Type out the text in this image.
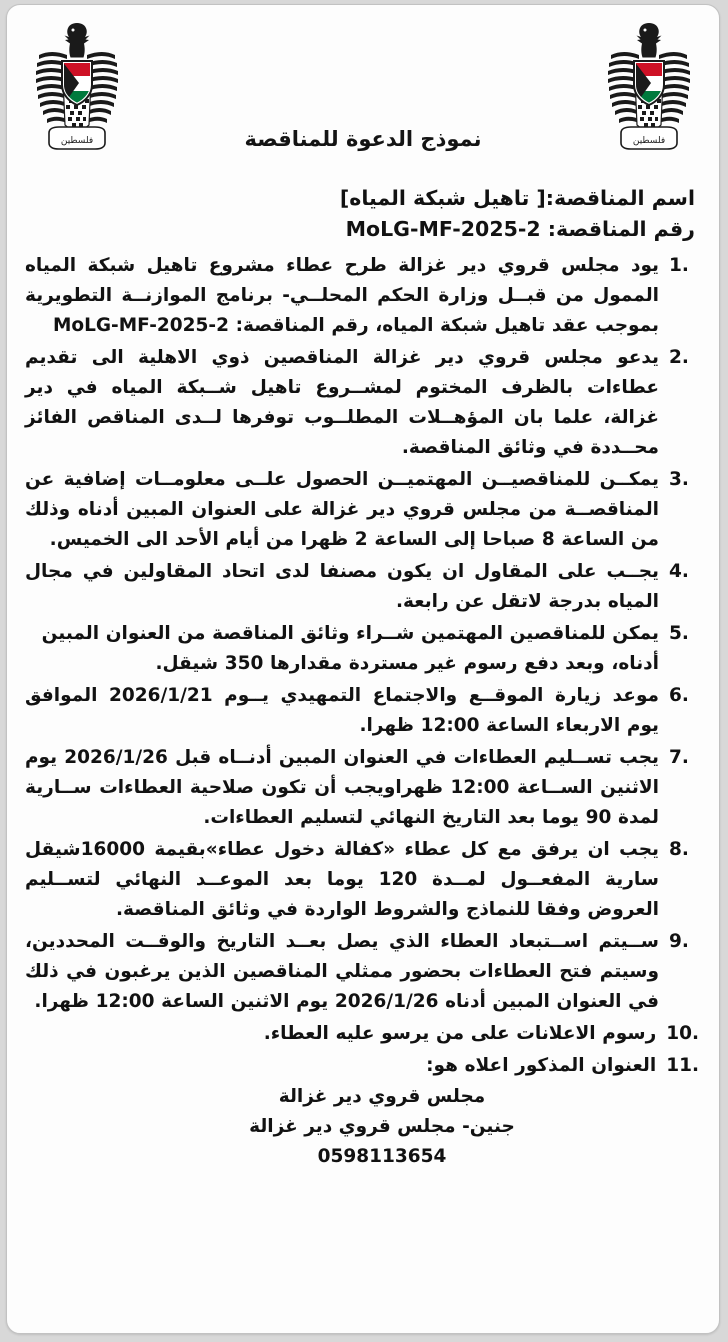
فلسطين	فلسطين
نموذج الدعوة للمناقصة
اسم المناقصة:[ تاهيل شبكة المياه]
رقم المناقصة: MoLG-MF-2025-2
1.
يود مجلس قروي دير غزالة طرح عطاء مشروع تاهيل شبكة المياه الممول من قبــل وزارة الحكم المحلــي- برنامج الموازنــة التطويرية بموجب عقد تاهيل شبكة المياه، رقم المناقصة: MoLG-MF-2025-2
2.
يدعو مجلس قروي دير غزالة المناقصين ذوي الاهلية الى تقديم عطاءات بالظرف المختوم لمشــروع تاهيل شــبكة المياه في دير غزالة، علما بان المؤهــلات المطلــوب توفرها لــدى المناقص الفائز محــددة في وثائق المناقصة.
3.
يمكــن للمناقصيــن المهتميــن الحصول علــى معلومــات إضافية عن المناقصــة من مجلس قروي دير غزالة على العنوان المبين أدناه وذلك من الساعة 8 صباحا إلى الساعة 2 ظهرا من أيام الأحد الى الخميس.
4.
يجــب على المقاول ان يكون مصنفا لدى اتحاد المقاولين في مجال المياه بدرجة لاتقل عن رابعة.
5.
يمكن للمناقصين المهتمين شــراء وثائق المناقصة من العنوان المبين أدناه، وبعد دفع رسوم غير مستردة مقدارها 350 شيقل.
6.
موعد زيارة الموقــع والاجتماع التمهيدي يــوم 2026/1/21 الموافق يوم الاربعاء الساعة 12:00 ظهرا.
7.
يجب تســليم العطاءات في العنوان المبين أدنــاه قبل 2026/1/26 يوم الاثنين الســاعة 12:00 ظهراويجب أن تكون صلاحية العطاءات ســارية لمدة 90 يوما بعد التاريخ النهائي لتسليم العطاءات.
8.
يجب ان يرفق مع كل عطاء «كفالة دخول عطاء»بقيمة 16000شيقل سارية المفعــول لمــدة 120 يوما بعد الموعــد النهائي لتســليم العروض وفقا للنماذج والشروط الواردة في وثائق المناقصة.
9.
ســيتم اســتبعاد العطاء الذي يصل بعــد التاريخ والوقــت المحددين، وسيتم فتح العطاءات بحضور ممثلي المناقصين الذين يرغبون في ذلك في العنوان المبين أدناه 2026/1/26 يوم الاثنين الساعة 12:00 ظهرا.
10.
رسوم الاعلانات على من يرسو عليه العطاء.
11.
العنوان المذكور اعلاه هو:
مجلس قروي دير غزالة
جنين- مجلس قروي دير غزالة
0598113654
